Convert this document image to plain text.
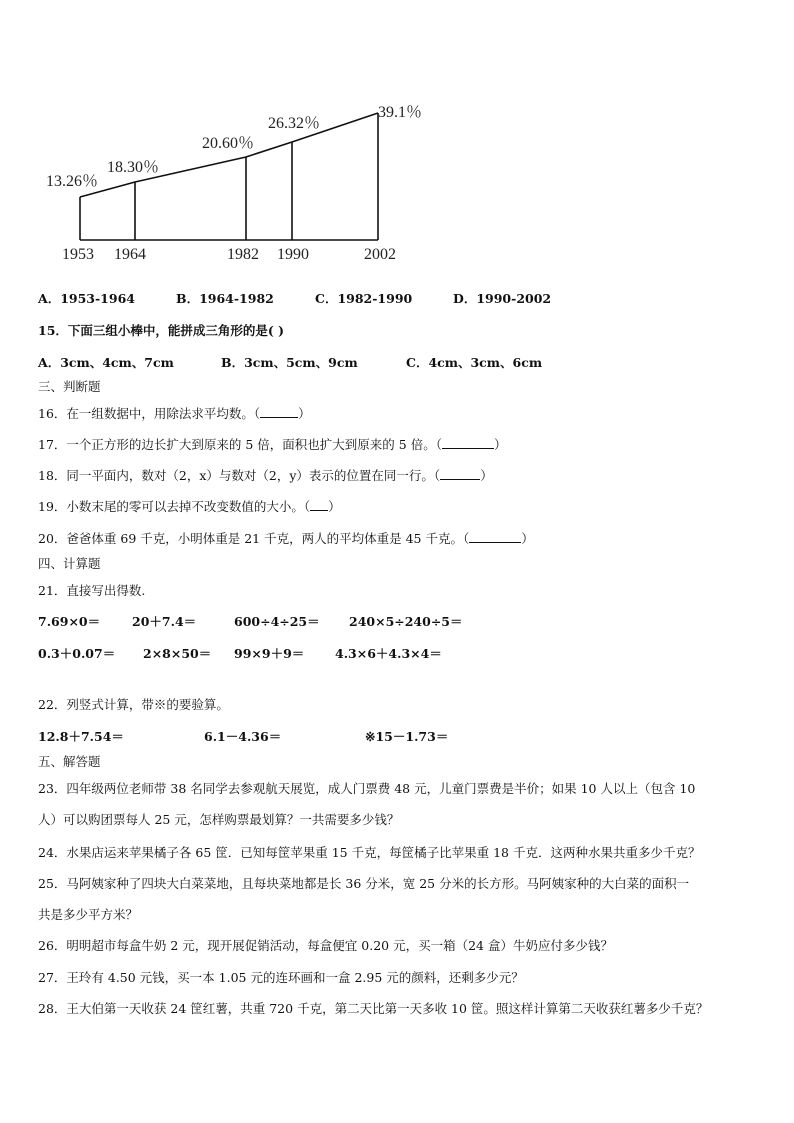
13.26％
18.30％
20.60％
26.32％
39.1％
1953 1964	1982 1990	2002
A．1953-1964	B．1964-1982	C．1982-1990	D．1990-2002
15．下面三组小棒中，能拼成三角形的是( )
A．3cm、4cm、7cm	B．3cm、5cm、9cm	C．4cm、3cm、6cm
三、判断题
16．在一组数据中，用除法求平均数。（	）
17．一个正方形的边长扩大到原来的 5 倍，面积也扩大到原来的 5 倍。（	）
18．同一平面内，数对（2，x）与数对（2，y）表示的位置在同一行。（	）
19．小数末尾的零可以去掉不改变数值的大小。（ ）
20．爸爸体重 69 千克，小明体重是 21 千克，两人的平均体重是 45 千克。（	）
四、计算题
21．直接写出得数.
7.69×0＝	20＋7.4＝	600÷4÷25＝ 240×5÷240÷5＝
0.3＋0.07＝ 2×8×50＝ 99×9＋9＝ 4.3×6＋4.3×4＝
22．列竖式计算，带※的要验算。
12.8＋7.54＝	6.1－4.36＝	※15－1.73＝
五、解答题
23．四年级两位老师带 38 名同学去参观航天展览，成人门票费 48 元，儿童门票费是半价；如果 10 人以上（包含 10
人）可以购团票每人 25 元，怎样购票最划算？一共需要多少钱？
24．水果店运来苹果橘子各 65 筐．已知每筐苹果重 15 千克，每筐橘子比苹果重 18 千克．这两种水果共重多少千克？
25．马阿姨家种了四块大白菜菜地，且每块菜地都是长 36 分米，宽 25 分米的长方形。马阿姨家种的大白菜的面积一
共是多少平方米？
26．明明超市每盒牛奶 2 元，现开展促销活动，每盒便宜 0.20 元，买一箱（24 盒）牛奶应付多少钱？
27．王玲有 4.50 元钱，买一本 1.05 元的连环画和一盒 2.95 元的颜料，还剩多少元？
28．王大伯第一天收获 24 筐红薯，共重 720 千克，第二天比第一天多收 10 筐。照这样计算第二天收获红薯多少千克？
